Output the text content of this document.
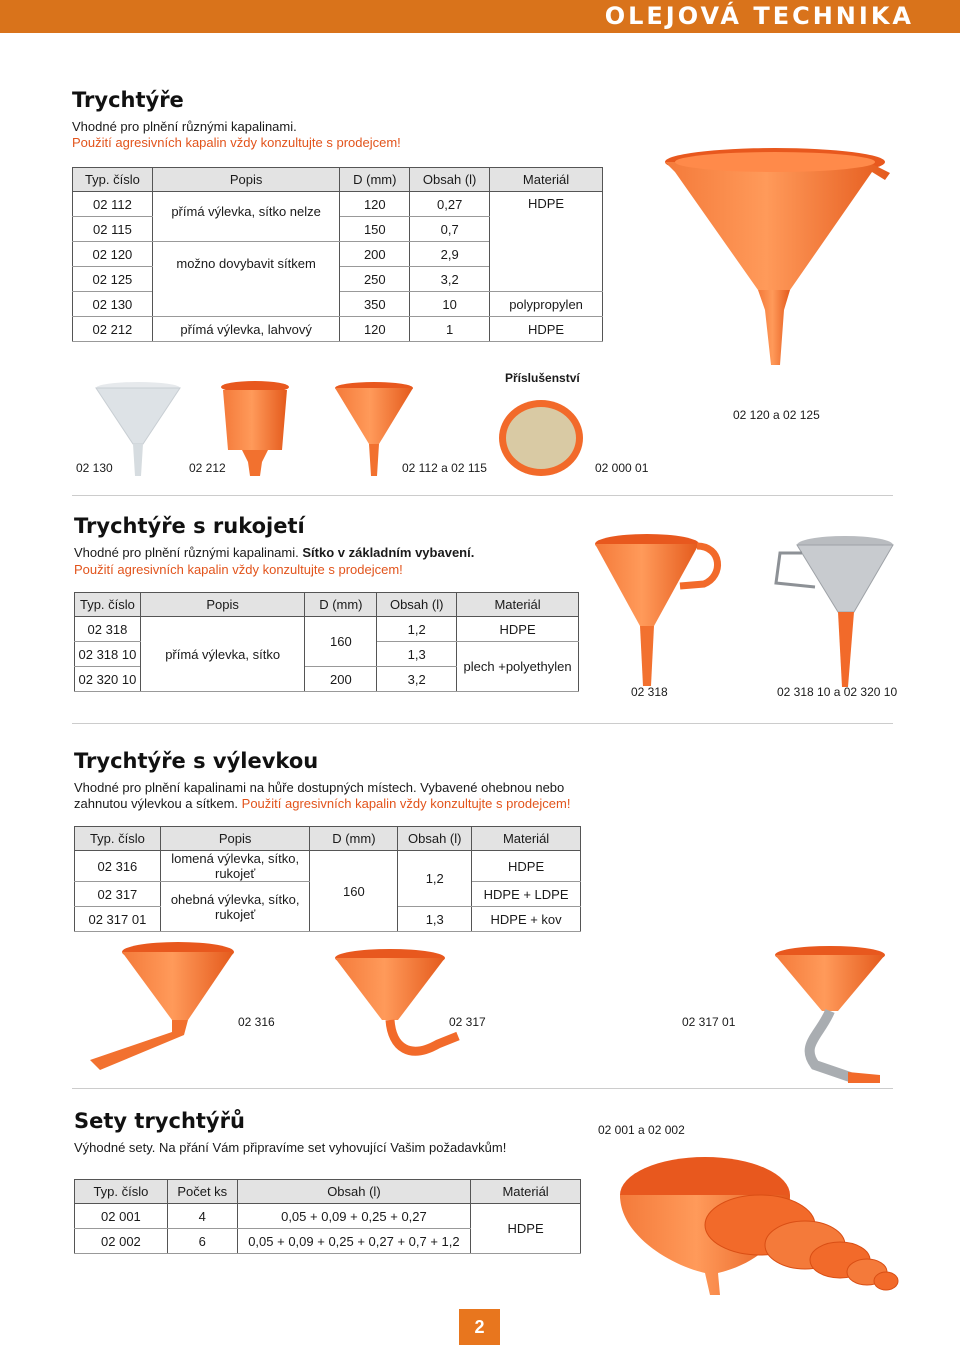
OLEJOVÁ TECHNIKA
Trychtýře
Vhodné pro plnění různými kapalinami.
Použití agresivních kapalin vždy konzultujte s prodejcem!
Typ. číslo	Popis	D (mm)	Obsah (l)	Materiál
02 112	přímá výlevka, sítko nelze	120	0,27	HDPE
02 115		150	0,7	
02 120	možno dovybavit sítkem	200	2,9	
02 125		250	3,2	
02 130		350	10	polypropylen
02 212	přímá výlevka, lahvový	120	1	HDPE
Příslušenství
02 120 a 02 125
02 130	02 212	02 112 a 02 115	02 000 01
Trychtýře s rukojetí
Vhodné pro plnění různými kapalinami. Sítko v základním vybavení.
Použití agresivních kapalin vždy konzultujte s prodejcem!
Typ. číslo	Popis	D (mm)	Obsah (l)	Materiál
02 318	přímá výlevka, sítko	160	1,2	HDPE
02 318 10			1,3	plech +polyethylen
02 320 10		200	3,2	
02 318	02 318 10 a 02 320 10
Trychtýře s výlevkou
Vhodné pro plnění kapalinami na hůře dostupných místech. Vybavené ohebnou nebo zahnutou výlevkou a sítkem. Použití agresivních kapalin vždy konzultujte s prodejcem!
Typ. číslo	Popis	D (mm)	Obsah (l)	Materiál
02 316	lomená výlevka, sítko, rukojeť	160	1,2	HDPE
02 317	ohebná výlevka, sítko, rukojeť			HDPE + LDPE
02 317 01			1,3	HDPE + kov
02 316	02 317	02 317 01
Sety trychtýřů
Výhodné sety. Na přání Vám připravíme set vyhovující Vašim požadavkům!
02 001 a 02 002
Typ. číslo	Počet ks	Obsah (l)	Materiál
02 001	4	0,05 + 0,09 + 0,25 + 0,27	HDPE
02 002	6	0,05 + 0,09 + 0,25 + 0,27 + 0,7 + 1,2	
2
